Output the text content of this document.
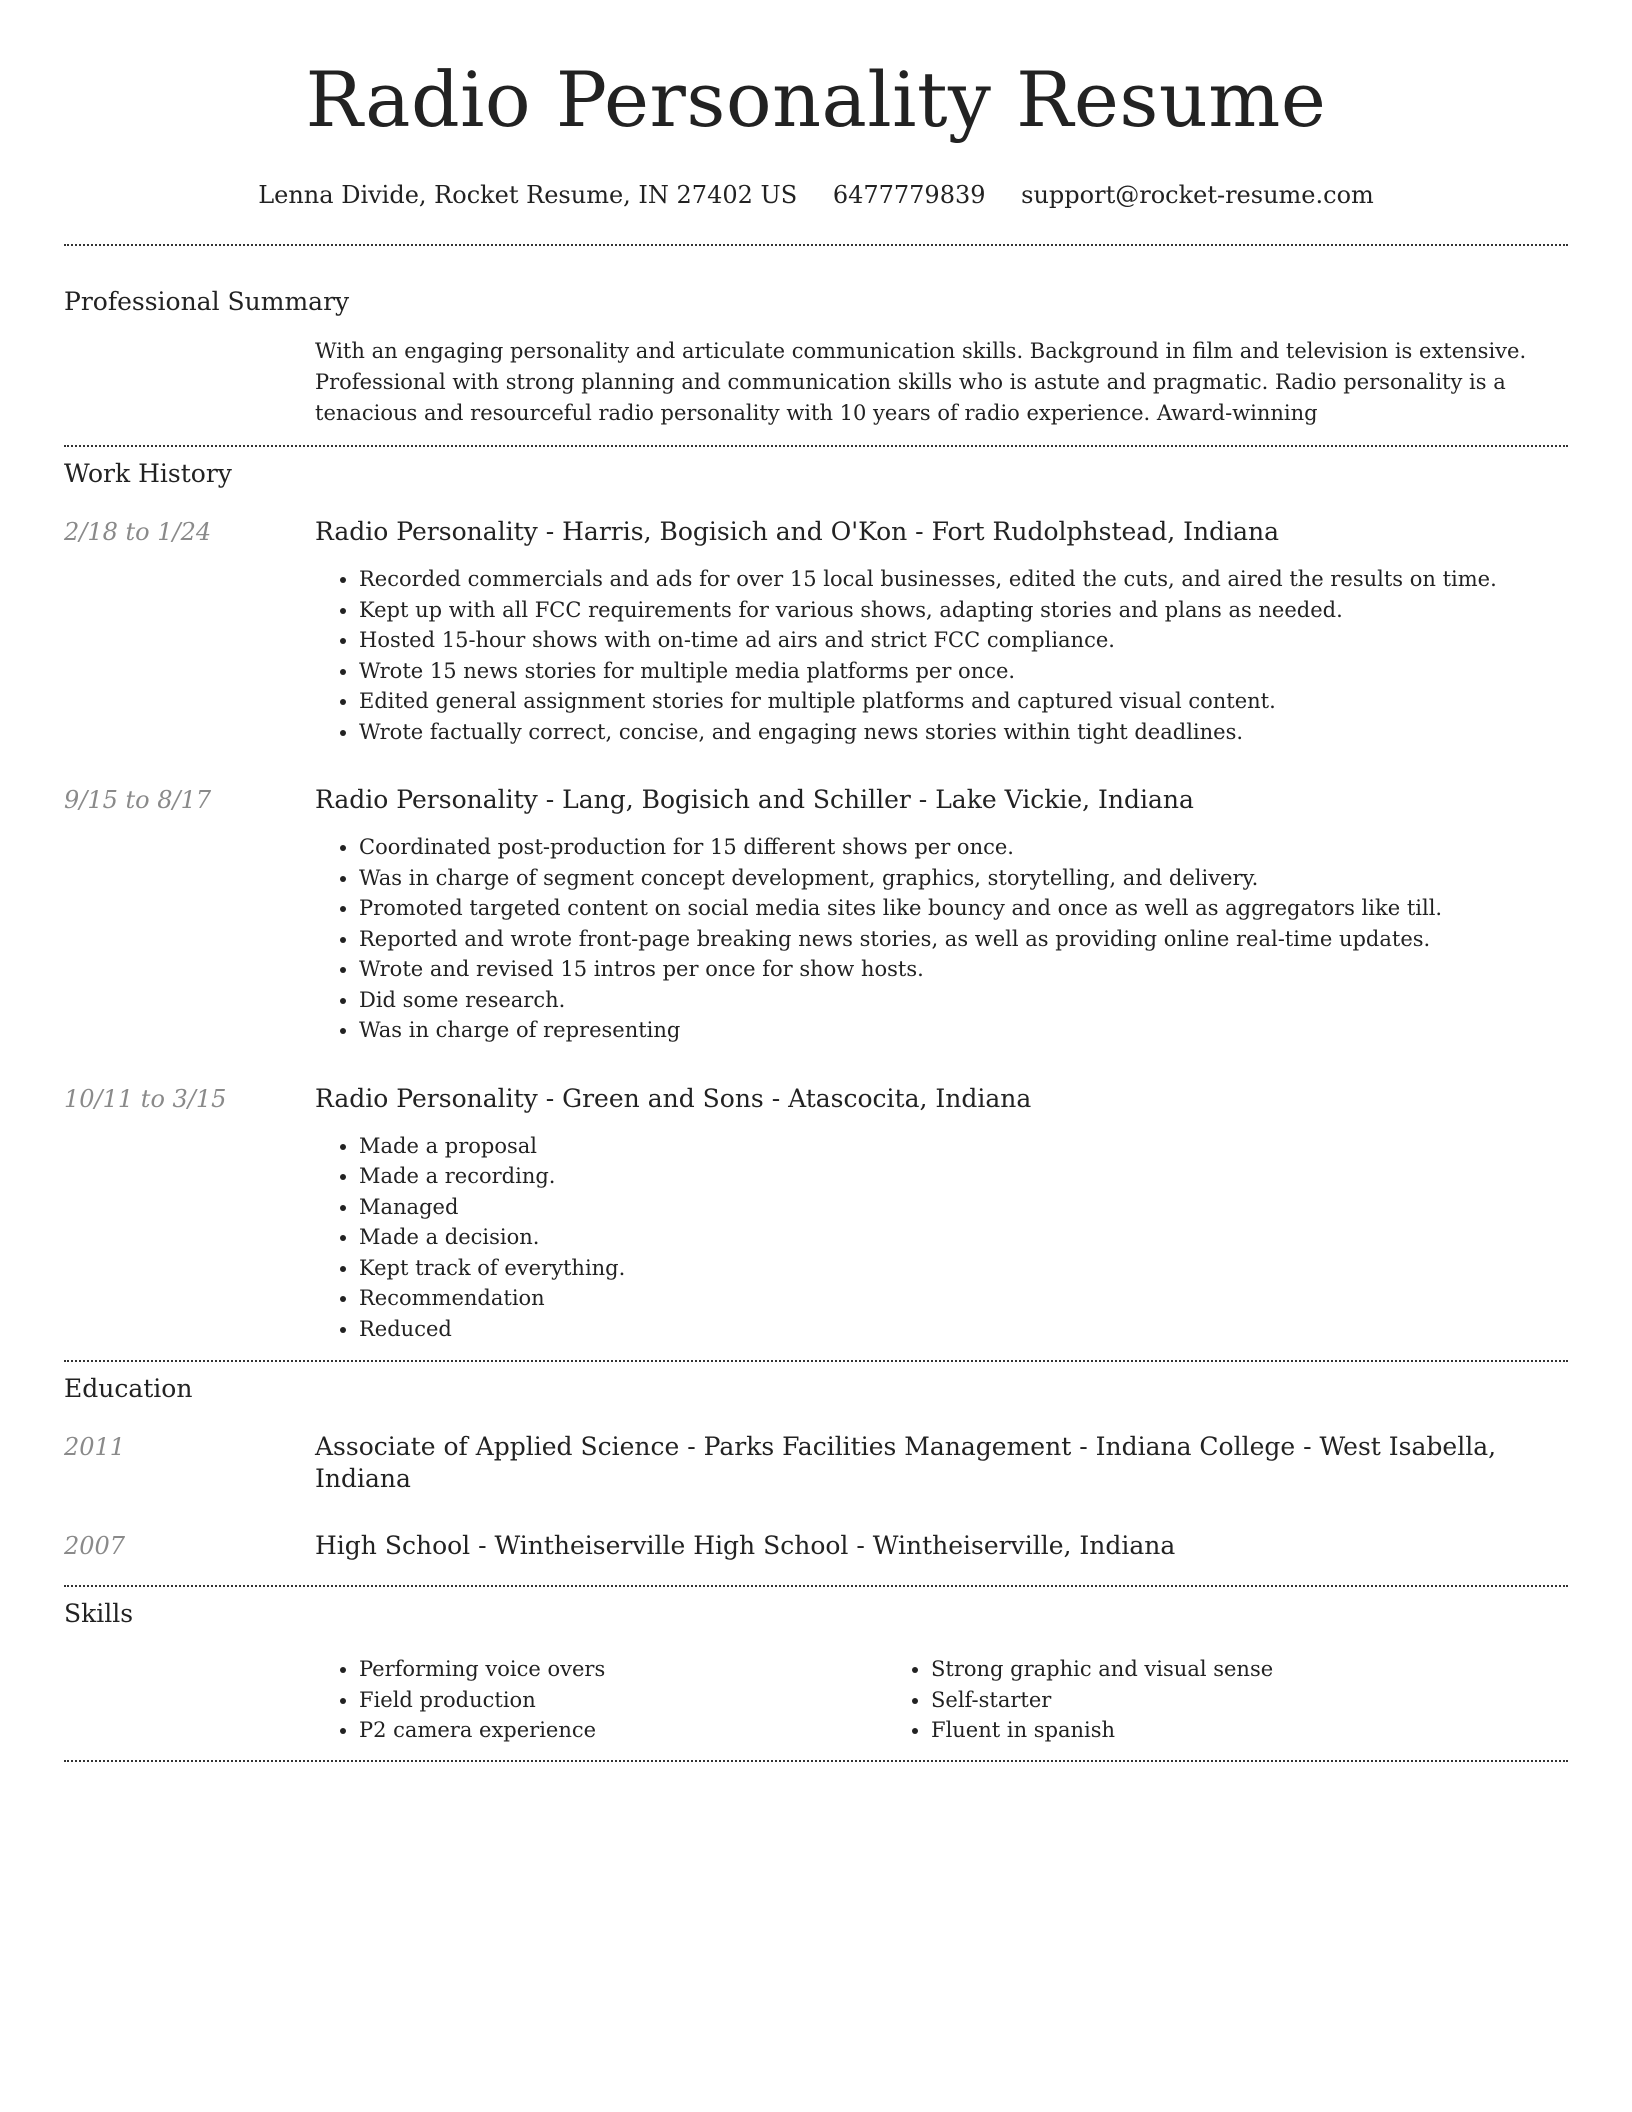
Radio Personality Resume
Lenna Divide, Rocket Resume, IN 27402 US 6477779839 support@rocket-resume.com
Professional Summary

With an engaging personality and articulate communication skills. Background in film and television is extensive. Professional with strong planning and communication skills who is astute and pragmatic. Radio personality is a tenacious and resourceful radio personality with 10 years of radio experience. Award-winning

Work History
2/18 to 1/24	Radio Personality - Harris, Bogisich and O'Kon - Fort Rudolphstead, Indiana
• Recorded commercials and ads for over 15 local businesses, edited the cuts, and aired the results on time.
• Kept up with all FCC requirements for various shows, adapting stories and plans as needed.
• Hosted 15-hour shows with on-time ad airs and strict FCC compliance.
• Wrote 15 news stories for multiple media platforms per once.
• Edited general assignment stories for multiple platforms and captured visual content.
• Wrote factually correct, concise, and engaging news stories within tight deadlines.
9/15 to 8/17	Radio Personality - Lang, Bogisich and Schiller - Lake Vickie, Indiana
• Coordinated post-production for 15 different shows per once.
• Was in charge of segment concept development, graphics, storytelling, and delivery.
• Promoted targeted content on social media sites like bouncy and once as well as aggregators like till.
• Reported and wrote front-page breaking news stories, as well as providing online real-time updates.
• Wrote and revised 15 intros per once for show hosts.
• Did some research.
• Was in charge of representing
10/11 to 3/15	Radio Personality - Green and Sons - Atascocita, Indiana
• Made a proposal
• Made a recording.
• Managed
• Made a decision.
• Kept track of everything.
• Recommendation
• Reduced
Education
2011	Associate of Applied Science - Parks Facilities Management - Indiana College - West Isabella, Indiana
2007	High School - Wintheiserville High School - Wintheiserville, Indiana
Skills
• Performing voice overs
• Field production
• P2 camera experience
• Strong graphic and visual sense
• Self-starter
• Fluent in spanish
